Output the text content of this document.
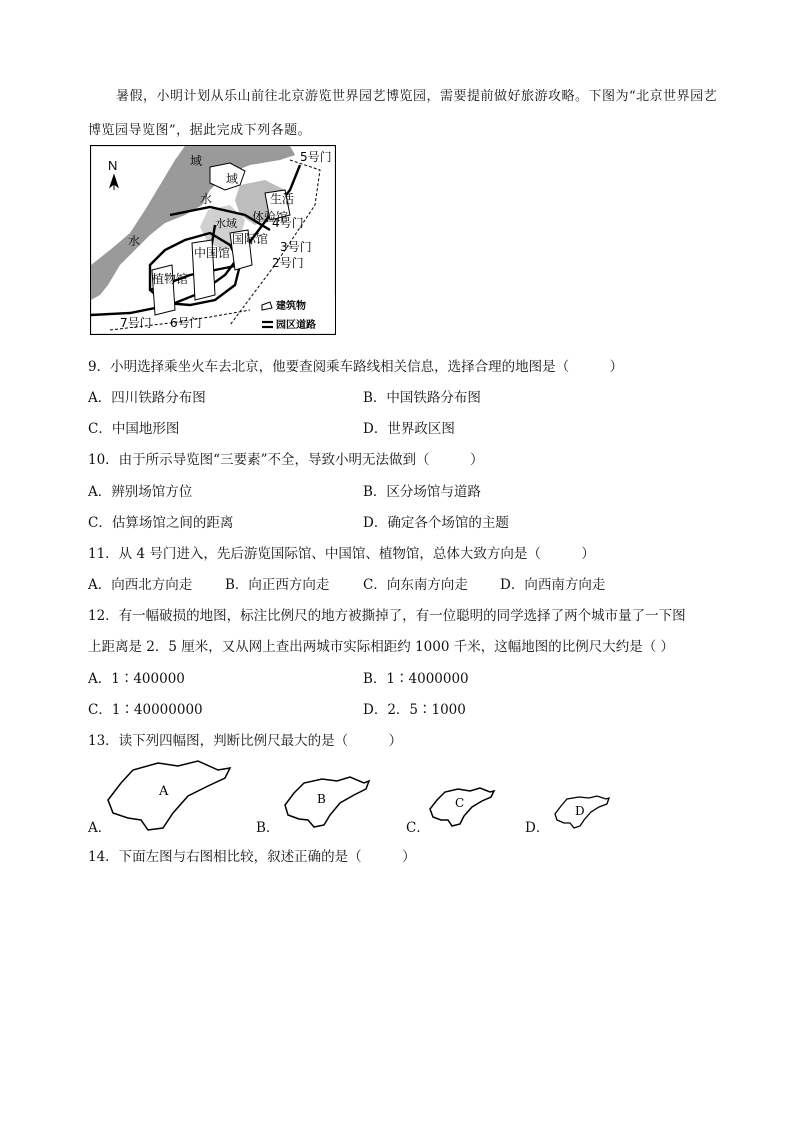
暑假，小明计划从乐山前往北京游览世界园艺博览园，需要提前做好旅游攻略。下图为“北京世界园艺博览园导览图”，据此完成下列各题。
N	域
水
域
水域
水
生活
体验馆
国际馆
中国馆
植物馆
5号门
4号门
3号门
2号门
7号门 6号门
建筑物
园区道路
9．小明选择乘坐火车去北京，他要查阅乘车路线相关信息，选择合理的地图是（　　　）
A．四川铁路分布图	B．中国铁路分布图
C．中国地形图	D．世界政区图
10．由于所示导览图“三要素”不全，导致小明无法做到（　　　）
A．辨别场馆方位	B．区分场馆与道路
C．估算场馆之间的距离	D．确定各个场馆的主题
11．从 4 号门进入，先后游览国际馆、中国馆、植物馆，总体大致方向是（　　　）
A．向西北方向走 B．向正西方向走 C．向东南方向走 D．向西南方向走
12．有一幅破损的地图，标注比例尺的地方被撕掉了，有一位聪明的同学选择了两个城市量了一下图
上距离是 2．5 厘米，又从网上查出两城市实际相距约 1000 千米，这幅地图的比例尺大约是（ ）
A．1∶400000	B．1∶4000000
C．1∶40000000	D．2．5∶1000
13．读下列四幅图，判断比例尺最大的是（　　　）
A．
A
B．
B
C．
C
D．
D
14．下面左图与右图相比较，叙述正确的是（　　　）
